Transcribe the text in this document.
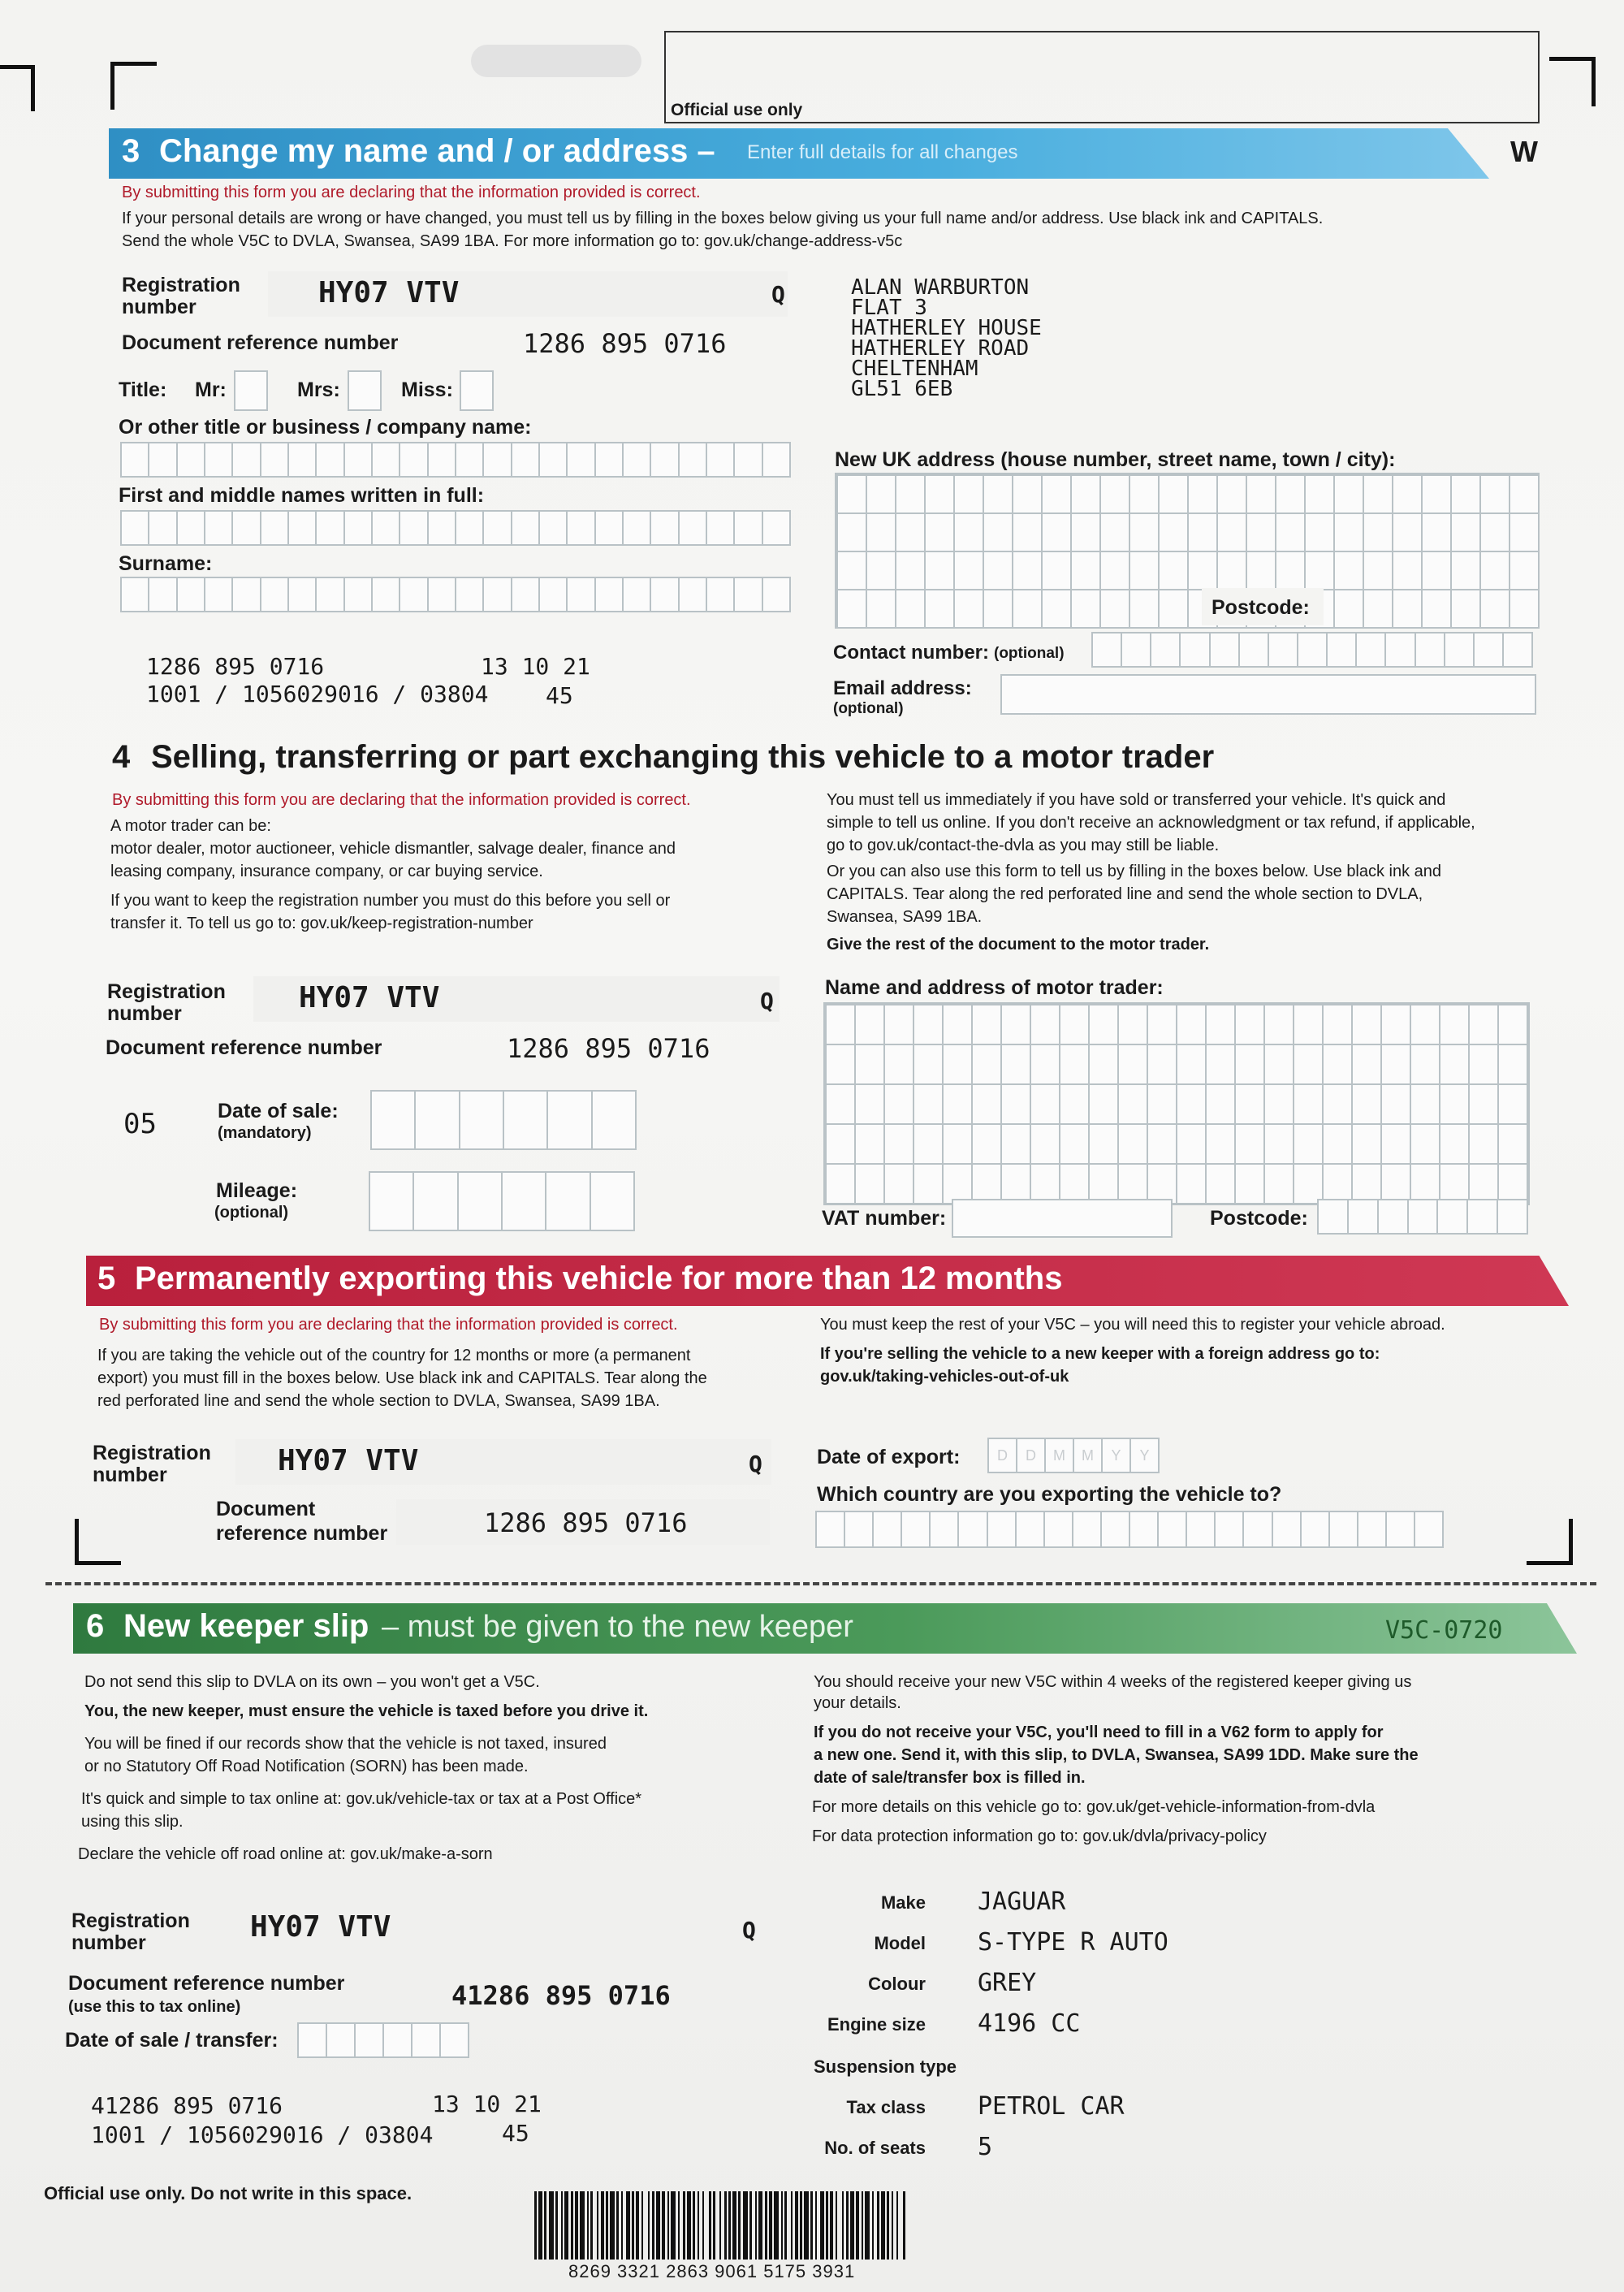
Official use only
3 Change my name and / or address – Enter full details for all changes	W
By submitting this form you are declaring that the information provided is correct.
If your personal details are wrong or have changed, you must tell us by filling in the boxes below giving us your full name and/or address. Use black ink and CAPITALS.
Send the whole V5C to DVLA, Swansea, SA99 1BA. For more information go to: gov.uk/change-address-v5c
Registration number	HY07 VTV	Q
Document reference number	1286 895 0716
Title: Mr:	Mrs:	Miss:
Or other title or business / company name:
First and middle names written in full:
Surname:
1286 895 0716
1001 / 1056029016 / 03804
13 10 21
45
ALAN WARBURTON
FLAT 3
HATHERLEY HOUSE
HATHERLEY ROAD
CHELTENHAM
GL51 6EB
New UK address (house number, street name, town / city):
Postcode:
Contact number: (optional)
Email address:
(optional)
4 Selling, transferring or part exchanging this vehicle to a motor trader
By submitting this form you are declaring that the information provided is correct.
A motor trader can be:
motor dealer, motor auctioneer, vehicle dismantler, salvage dealer, finance and
leasing company, insurance company, or car buying service.
If you want to keep the registration number you must do this before you sell or
transfer it. To tell us go to: gov.uk/keep-registration-number
You must tell us immediately if you have sold or transferred your vehicle. It's quick and
simple to tell us online. If you don't receive an acknowledgment or tax refund, if applicable,
go to gov.uk/contact-the-dvla as you may still be liable.
Or you can also use this form to tell us by filling in the boxes below. Use black ink and
CAPITALS. Tear along the red perforated line and send the whole section to DVLA,
Swansea, SA99 1BA.
Give the rest of the document to the motor trader.
Registration number	HY07 VTV	Q
Document reference number	1286 895 0716
05	Date of sale:
(mandatory)
Mileage:
(optional)
Name and address of motor trader:
VAT number:	Postcode:
5 Permanently exporting this vehicle for more than 12 months
By submitting this form you are declaring that the information provided is correct.
If you are taking the vehicle out of the country for 12 months or more (a permanent
export) you must fill in the boxes below. Use black ink and CAPITALS. Tear along the
red perforated line and send the whole section to DVLA, Swansea, SA99 1BA.
You must keep the rest of your V5C – you will need this to register your vehicle abroad.
If you're selling the vehicle to a new keeper with a foreign address go to:
gov.uk/taking-vehicles-out-of-uk
Registration number	HY07 VTV	Q
Document
reference number	1286 895 0716
Date of export:	D	D	M	M	Y	Y
Which country are you exporting the vehicle to?
6 New keeper slip – must be given to the new keeper	V5C-0720
Do not send this slip to DVLA on its own – you won't get a V5C.
You, the new keeper, must ensure the vehicle is taxed before you drive it.
You will be fined if our records show that the vehicle is not taxed, insured
or no Statutory Off Road Notification (SORN) has been made.
It's quick and simple to tax online at: gov.uk/vehicle-tax or tax at a Post Office*
using this slip.
Declare the vehicle off road online at: gov.uk/make-a-sorn
You should receive your new V5C within 4 weeks of the registered keeper giving us
your details.
If you do not receive your V5C, you'll need to fill in a V62 form to apply for
a new one. Send it, with this slip, to DVLA, Swansea, SA99 1DD. Make sure the
date of sale/transfer box is filled in.
For more details on this vehicle go to: gov.uk/get-vehicle-information-from-dvla
For data protection information go to: gov.uk/dvla/privacy-policy
Registration number	HY07 VTV	Q
Document reference number
(use this to tax online)	41286 895 0716
Date of sale / transfer:
41286 895 0716
1001 / 1056029016 / 03804
13 10 21
45
Make JAGUAR
Model S-TYPE R AUTO
Colour GREY
Engine size 4196 CC
Suspension type
Tax class PETROL CAR
No. of seats 5
Official use only. Do not write in this space.
8269 3321 2863 9061 5175 3931
